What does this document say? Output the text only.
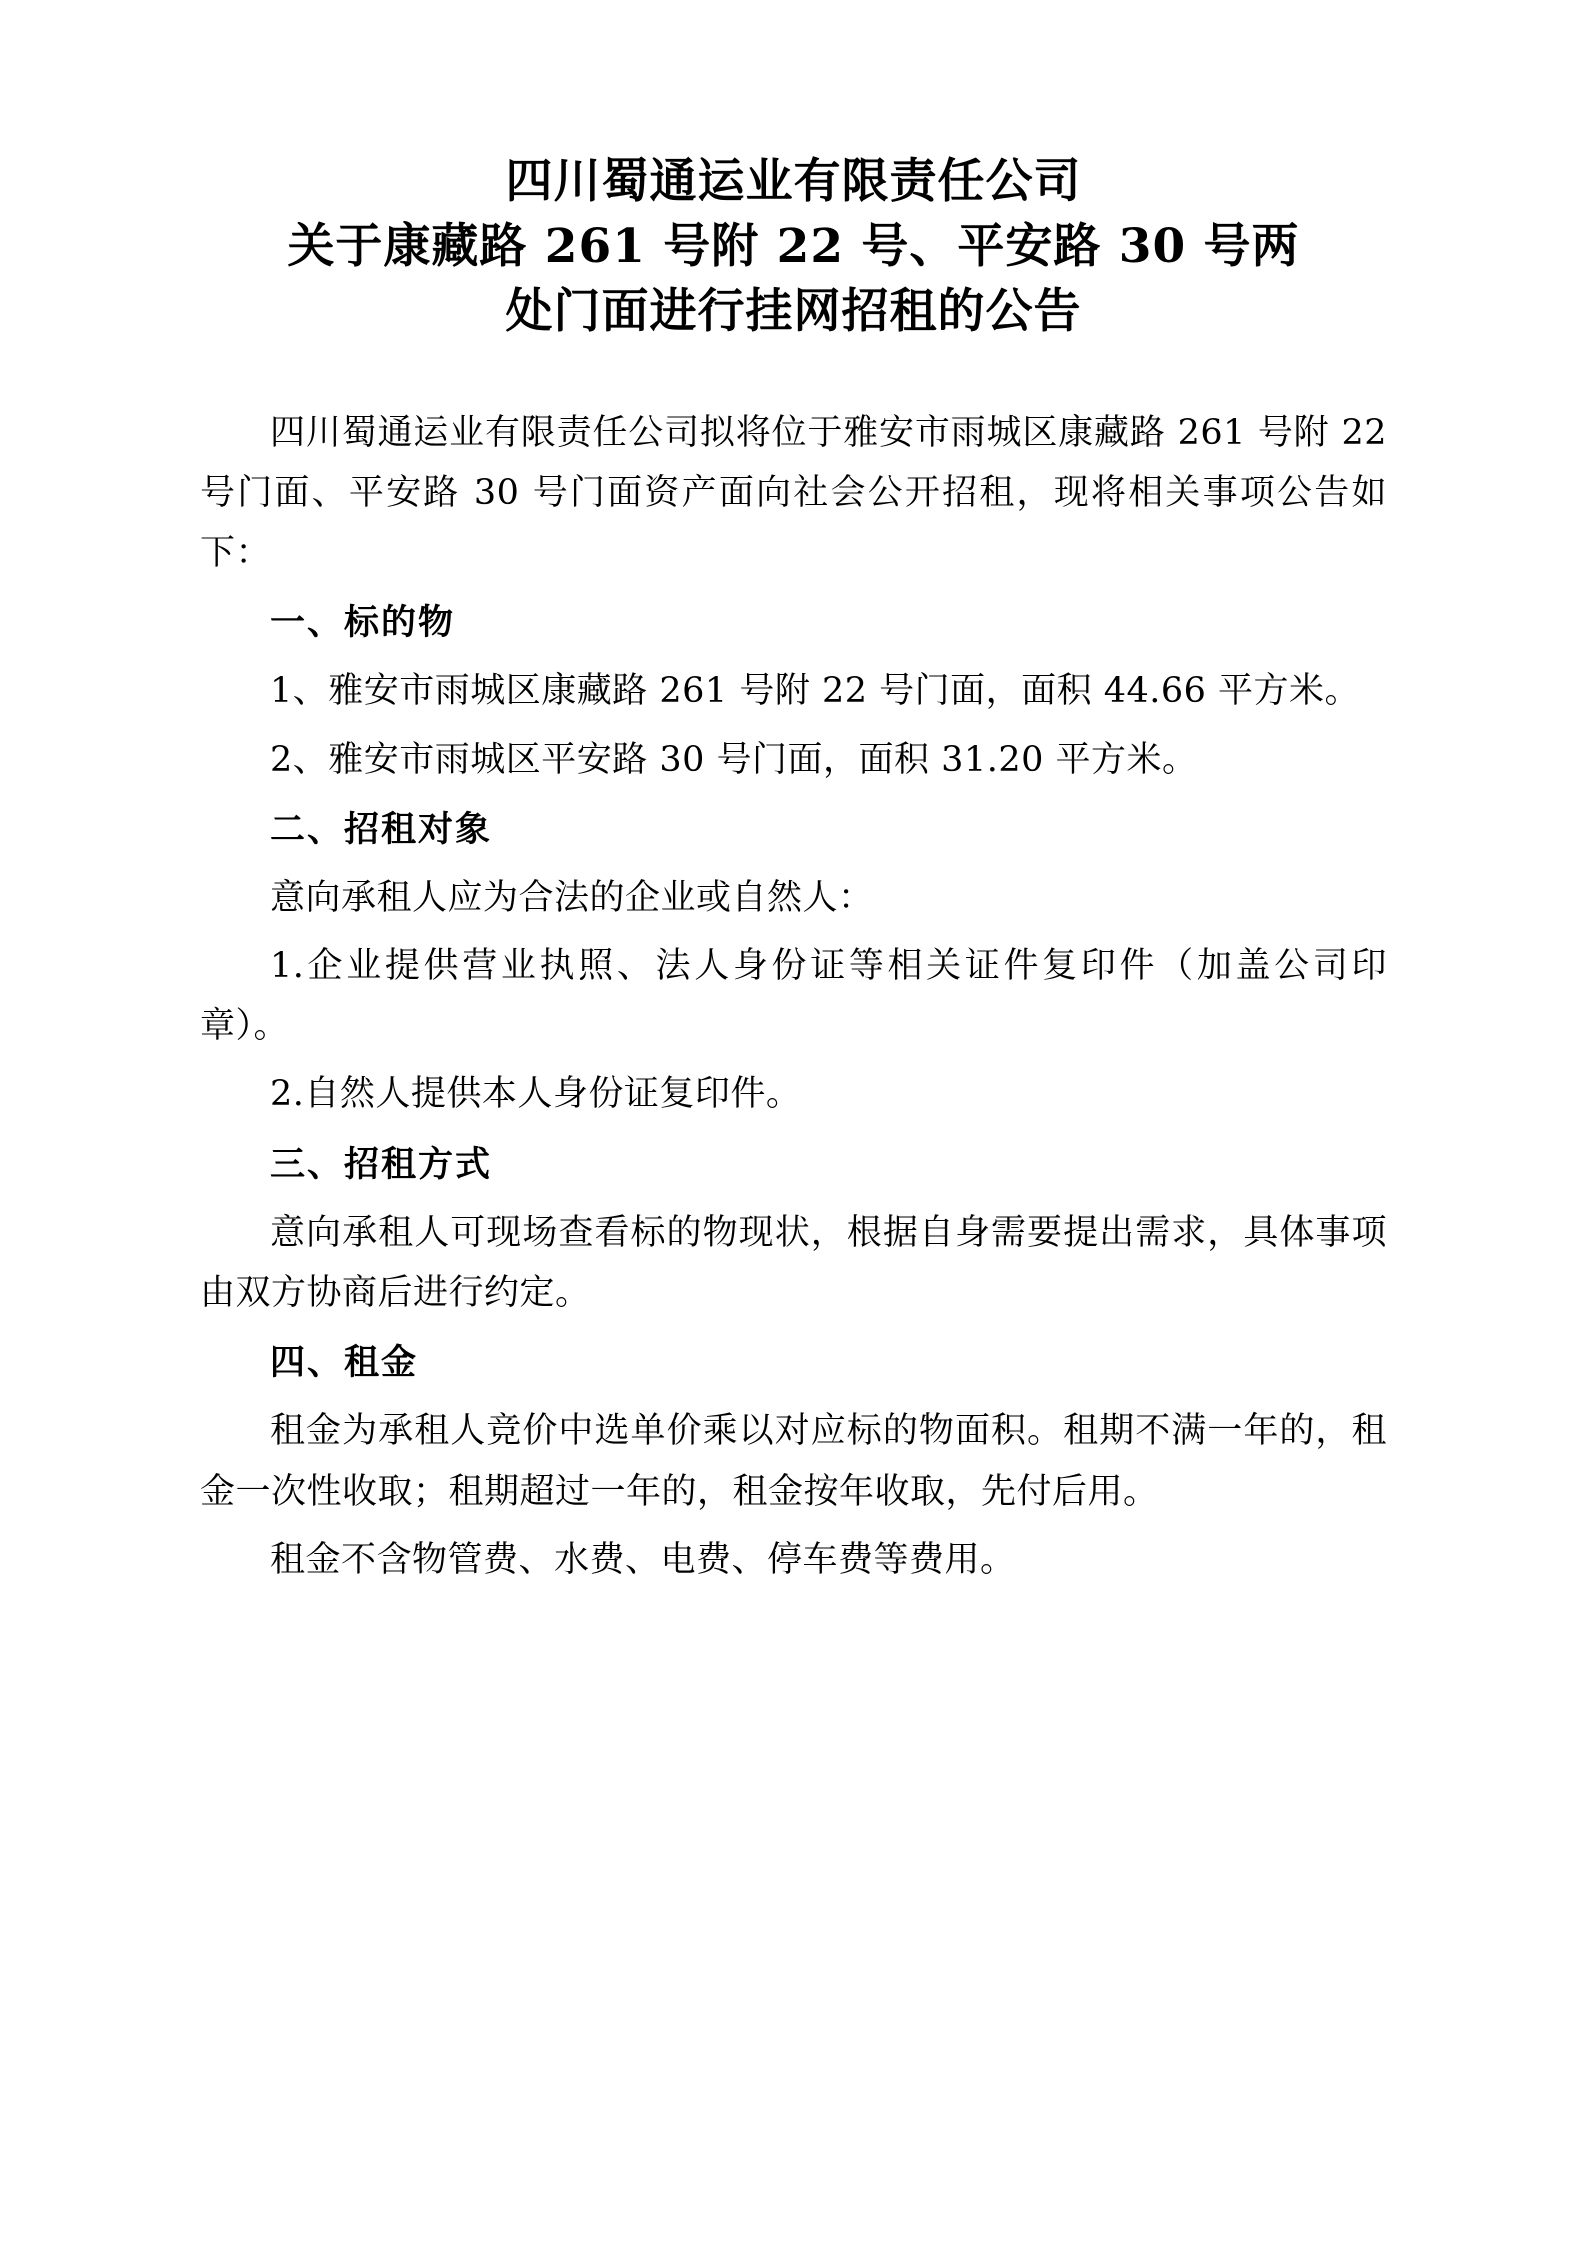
四川蜀通运业有限责任公司
关于康藏路 261 号附 22 号、平安路 30 号两
处门面进行挂网招租的公告

四川蜀通运业有限责任公司拟将位于雅安市雨城区康藏路 261 号附 22 号门面、平安路 30 号门面资产面向社会公开招租，现将相关事项公告如下：

一、标的物

1、雅安市雨城区康藏路 261 号附 22 号门面，面积 44.66 平方米。

2、雅安市雨城区平安路 30 号门面，面积 31.20 平方米。

二、招租对象

意向承租人应为合法的企业或自然人：

1.企业提供营业执照、法人身份证等相关证件复印件（加盖公司印章）。

2.自然人提供本人身份证复印件。

三、招租方式

意向承租人可现场查看标的物现状，根据自身需要提出需求，具体事项由双方协商后进行约定。

四、租金

租金为承租人竞价中选单价乘以对应标的物面积。租期不满一年的，租金一次性收取；租期超过一年的，租金按年收取，先付后用。

租金不含物管费、水费、电费、停车费等费用。
